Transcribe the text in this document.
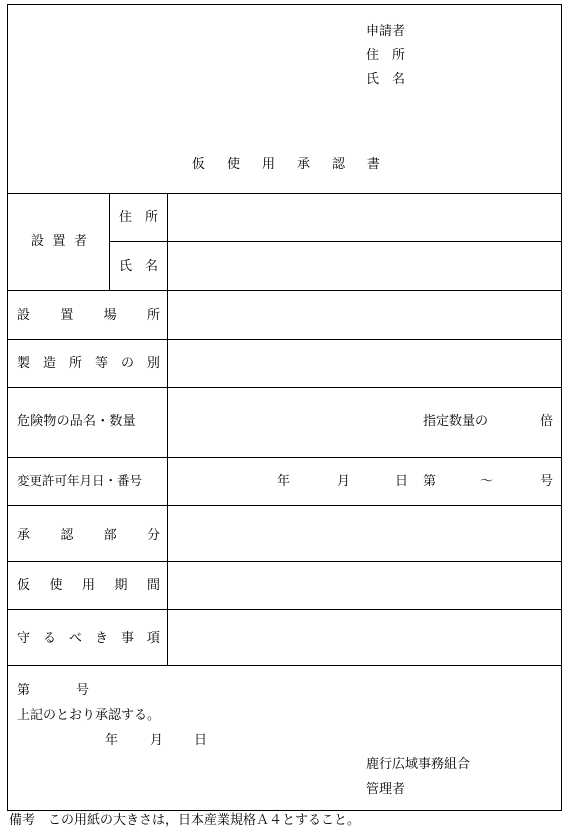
申請者
住　所
氏　名
仮 使 用 承 認 書
設 置 者
住　所
氏　名
設 置 場 所
製 造 所 等 の 別
危険物の品名・数量	指定数量の	倍
変更許可年月日・番号	年	月	日 第	～	号
承 認 部 分
仮 使 用 期 間
守 る べ き 事 項
第	号
上記のとおり承認する。
年 月 日
鹿行広域事務組合
管理者
備考　この用紙の大きさは，日本産業規格Ａ４とすること。
